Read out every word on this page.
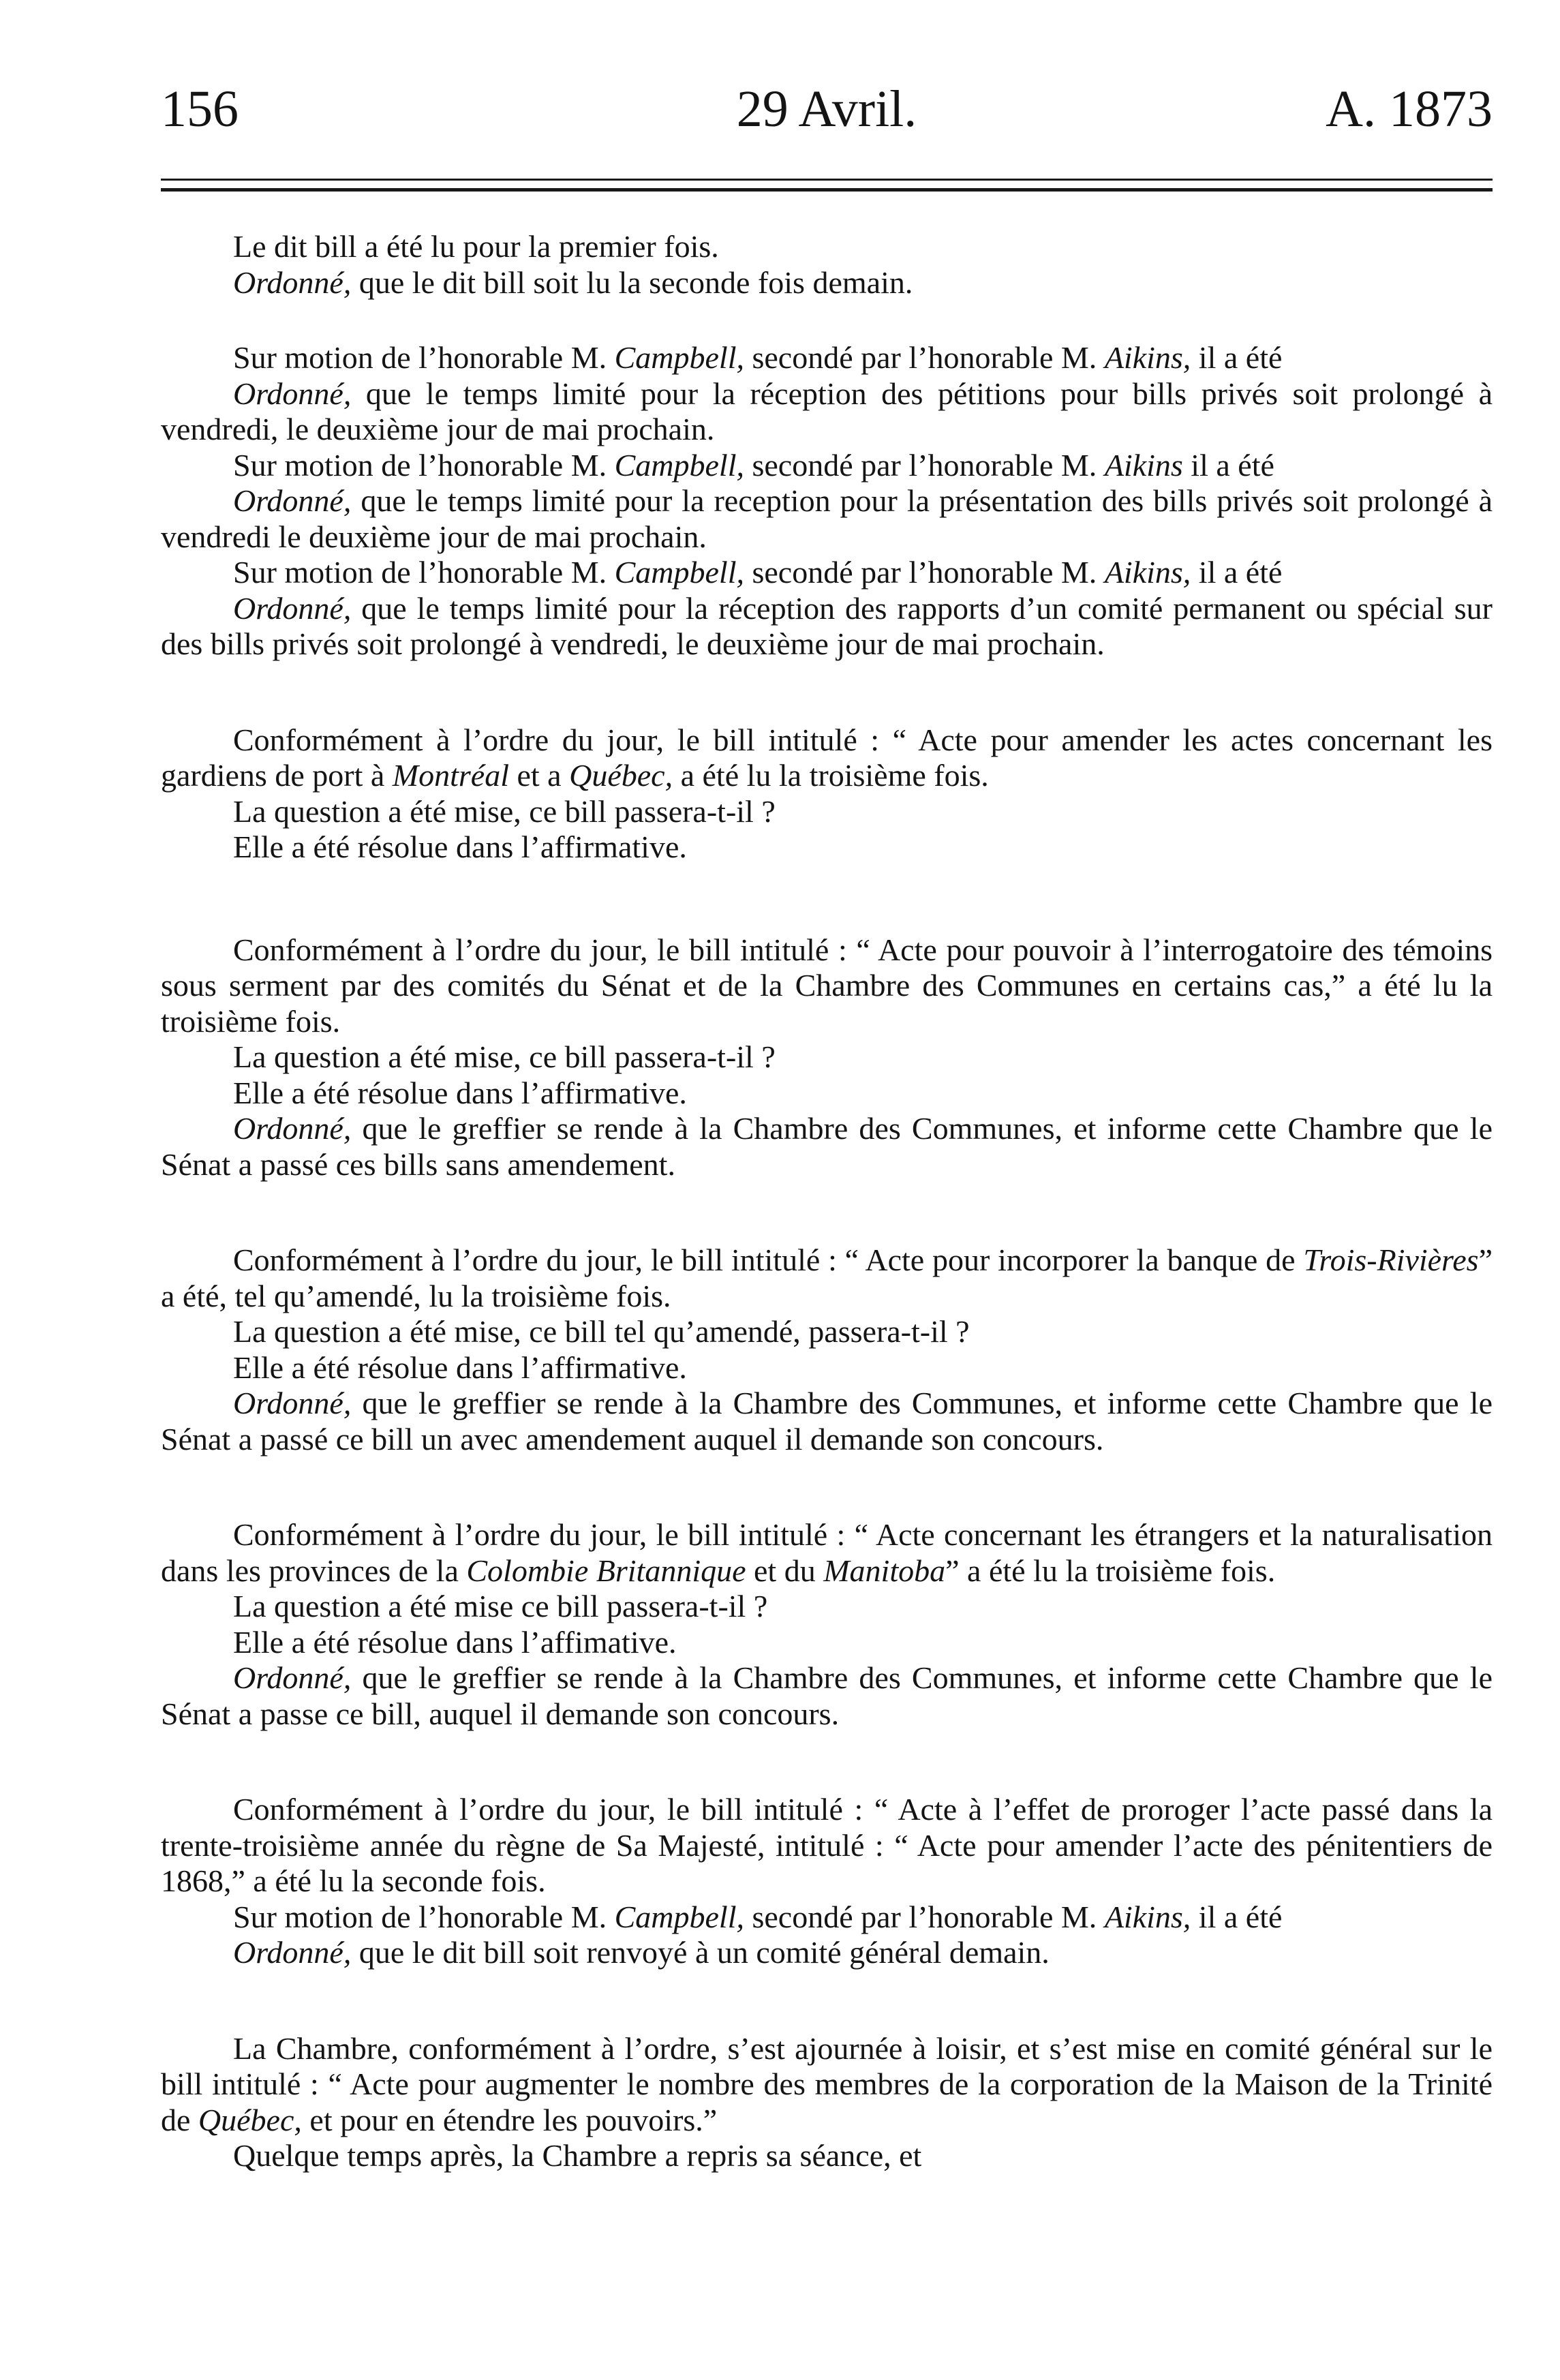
156	29 Avril.	A. 1873

Le dit bill a été lu pour la premier fois.

Ordonné, que le dit bill soit lu la seconde fois demain.

Sur motion de l’honorable M. Campbell, secondé par l’honorable M. Aikins, il a été

Ordonné, que le temps limité pour la réception des pétitions pour bills privés soit prolongé à vendredi, le deuxième jour de mai prochain.

Sur motion de l’honorable M. Campbell, secondé par l’honorable M. Aikins il a été

Ordonné, que le temps limité pour la reception pour la présentation des bills privés soit prolongé à vendredi le deuxième jour de mai prochain.

Sur motion de l’honorable M. Campbell, secondé par l’honorable M. Aikins, il a été

Ordonné, que le temps limité pour la réception des rapports d’un comité permanent ou spécial sur des bills privés soit prolongé à vendredi, le deuxième jour de mai prochain.

Conformément à l’ordre du jour, le bill intitulé : “ Acte pour amender les actes concernant les gardiens de port à Montréal et a Québec, a été lu la troisième fois.

La question a été mise, ce bill passera-t-il ?

Elle a été résolue dans l’affirmative.

Conformément à l’ordre du jour, le bill intitulé : “ Acte pour pouvoir à l’interrogatoire des témoins sous serment par des comités du Sénat et de la Chambre des Communes en certains cas,” a été lu la troisième fois.

La question a été mise, ce bill passera-t-il ?

Elle a été résolue dans l’affirmative.

Ordonné, que le greffier se rende à la Chambre des Communes, et informe cette Chambre que le Sénat a passé ces bills sans amendement.

Conformément à l’ordre du jour, le bill intitulé : “ Acte pour incorporer la banque de Trois-Rivières” a été, tel qu’amendé, lu la troisième fois.

La question a été mise, ce bill tel qu’amendé, passera-t-il ?

Elle a été résolue dans l’affirmative.

Ordonné, que le greffier se rende à la Chambre des Communes, et informe cette Chambre que le Sénat a passé ce bill un avec amendement auquel il demande son concours.

Conformément à l’ordre du jour, le bill intitulé : “ Acte concernant les étrangers et la naturalisation dans les provinces de la Colombie Britannique et du Manitoba” a été lu la troisième fois.

La question a été mise ce bill passera-t-il ?

Elle a été résolue dans l’affimative.

Ordonné, que le greffier se rende à la Chambre des Communes, et informe cette Chambre que le Sénat a passe ce bill, auquel il demande son concours.

Conformément à l’ordre du jour, le bill intitulé : “ Acte à l’effet de proroger l’acte passé dans la trente-troisième année du règne de Sa Majesté, intitulé : “ Acte pour amender l’acte des pénitentiers de 1868,” a été lu la seconde fois.

Sur motion de l’honorable M. Campbell, secondé par l’honorable M. Aikins, il a été

Ordonné, que le dit bill soit renvoyé à un comité général demain.

La Chambre, conformément à l’ordre, s’est ajournée à loisir, et s’est mise en comité général sur le bill intitulé : “ Acte pour augmenter le nombre des membres de la corporation de la Maison de la Trinité de Québec, et pour en étendre les pouvoirs.”

Quelque temps après, la Chambre a repris sa séance, et
